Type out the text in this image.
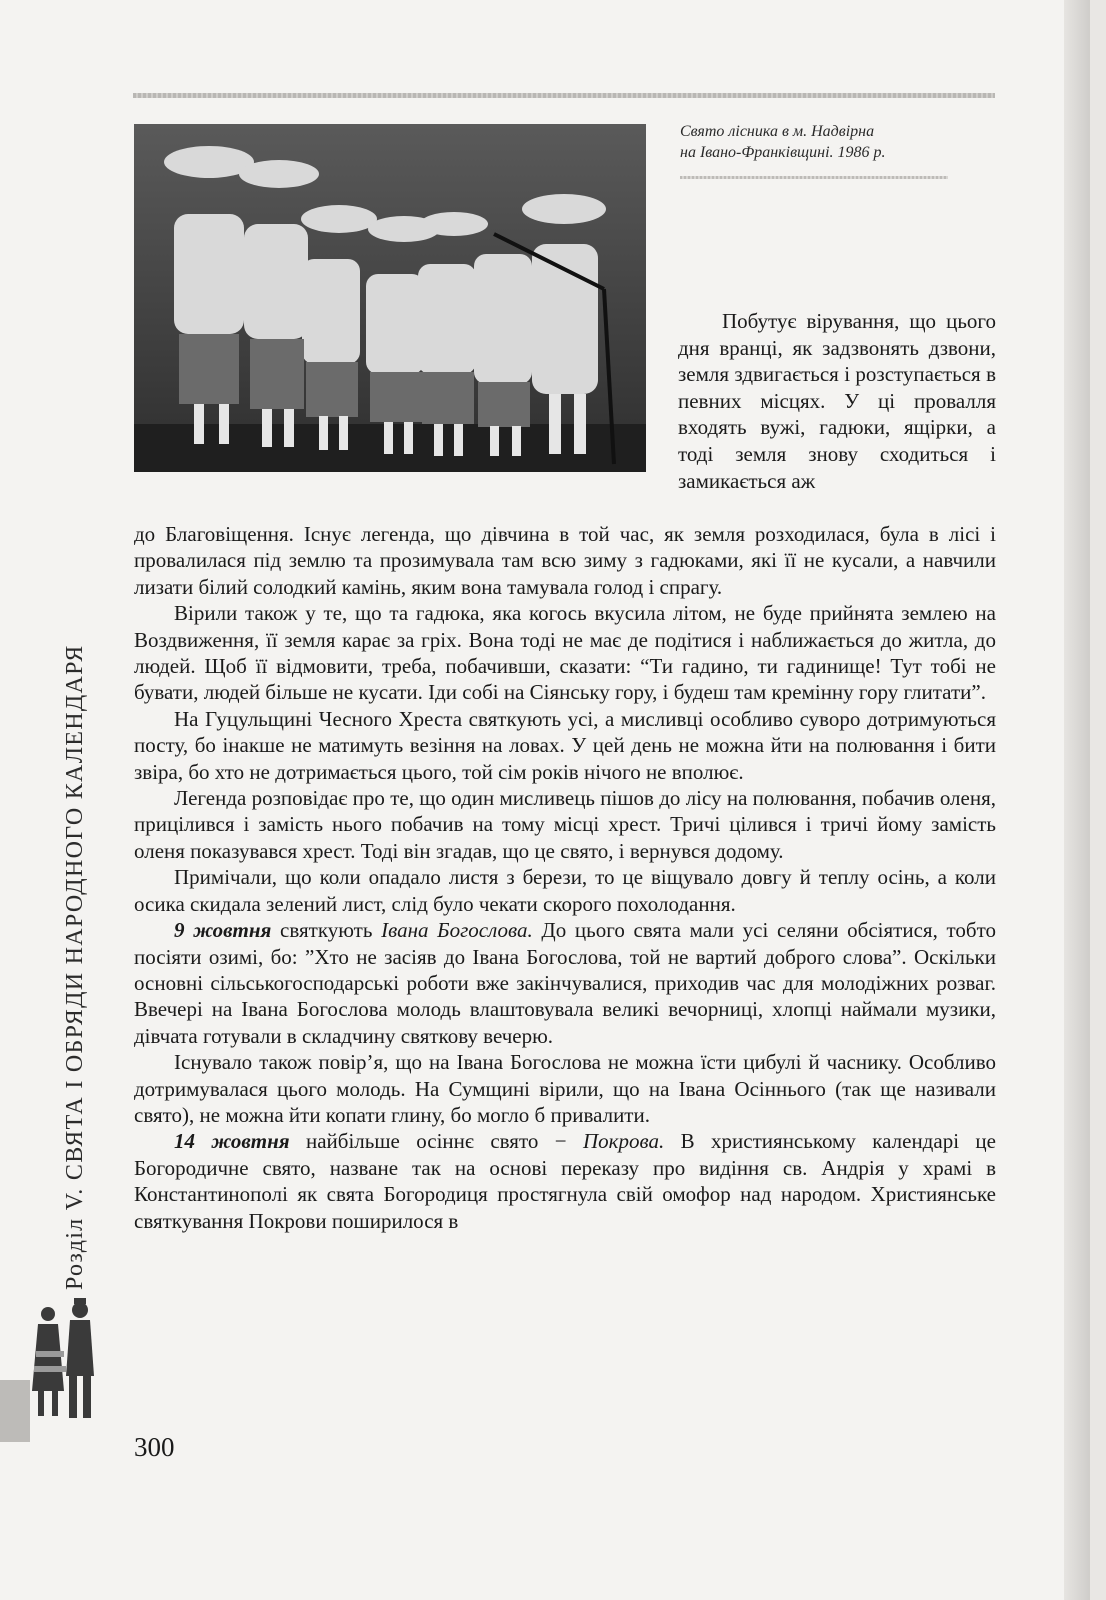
Свято лісника в м. Надвірна
на Івано-Франківщині. 1986 р.

Побутує вірування, що цього дня вранці, як задзвонять дзвони, земля здвигається і розступається в певних місцях. У ці провалля входять вужі, гадюки, ящірки, а тоді земля знову сходиться і замикається аж

до Благовіщення. Існує легенда, що дівчина в той час, як земля розходилася, була в лісі і провалилася під землю та прозимувала там всю зиму з гадюками, які її не кусали, а навчили лизати білий солодкий камінь, яким вона тамувала голод і спрагу.

Вірили також у те, що та гадюка, яка когось вкусила літом, не буде прийнята землею на Воздвиження, її земля карає за гріх. Вона тоді не має де подітися і наближається до житла, до людей. Щоб її відмовити, треба, побачивши, сказати: “Ти гадино, ти гадинище! Тут тобі не бувати, людей більше не кусати. Іди собі на Сіянську гору, і будеш там кремінну гору глитати”.

На Гуцульщині Чесного Хреста святкують усі, а мисливці особливо суворо дотримуються посту, бо інакше не матимуть везіння на ловах. У цей день не можна йти на полювання і бити звіра, бо хто не дотримається цього, той сім років нічого не вполює.

Легенда розповідає про те, що один мисливець пішов до лісу на полювання, побачив оленя, прицілився і замість нього побачив на тому місці хрест. Тричі цілився і тричі йому замість оленя показувався хрест. Тоді він згадав, що це свято, і вернувся додому.

Примічали, що коли опадало листя з берези, то це віщувало довгу й теплу осінь, а коли осика скидала зелений лист, слід було чекати скорого похолодання.

9 жовтня святкують Івана Богослова. До цього свята мали усі селяни обсіятися, тобто посіяти озимі, бо: ”Хто не засіяв до Івана Богослова, той не вартий доброго слова”. Оскільки основні сільськогосподарські роботи вже закінчувалися, приходив час для молодіжних розваг. Ввечері на Івана Богослова молодь влаштовувала великі вечорниці, хлопці наймали музики, дівчата готували в складчину святкову вечерю.

Існувало також повір’я, що на Івана Богослова не можна їсти цибулі й часнику. Особливо дотримувалася цього молодь. На Сумщині вірили, що на Івана Осіннього (так ще називали свято), не можна йти копати глину, бо могло б привалити.

14 жовтня найбільше осіннє свято − Покрова. В християнському календарі це Богородичне свято, назване так на основі переказу про видіння св. Андрія у храмі в Константинополі як свята Богородиця простягнула свій омофор над народом. Християнське святкування Покрови поширилося в

Розділ V. СВЯТА І ОБРЯДИ НАРОДНОГО КАЛЕНДАРЯ
300
